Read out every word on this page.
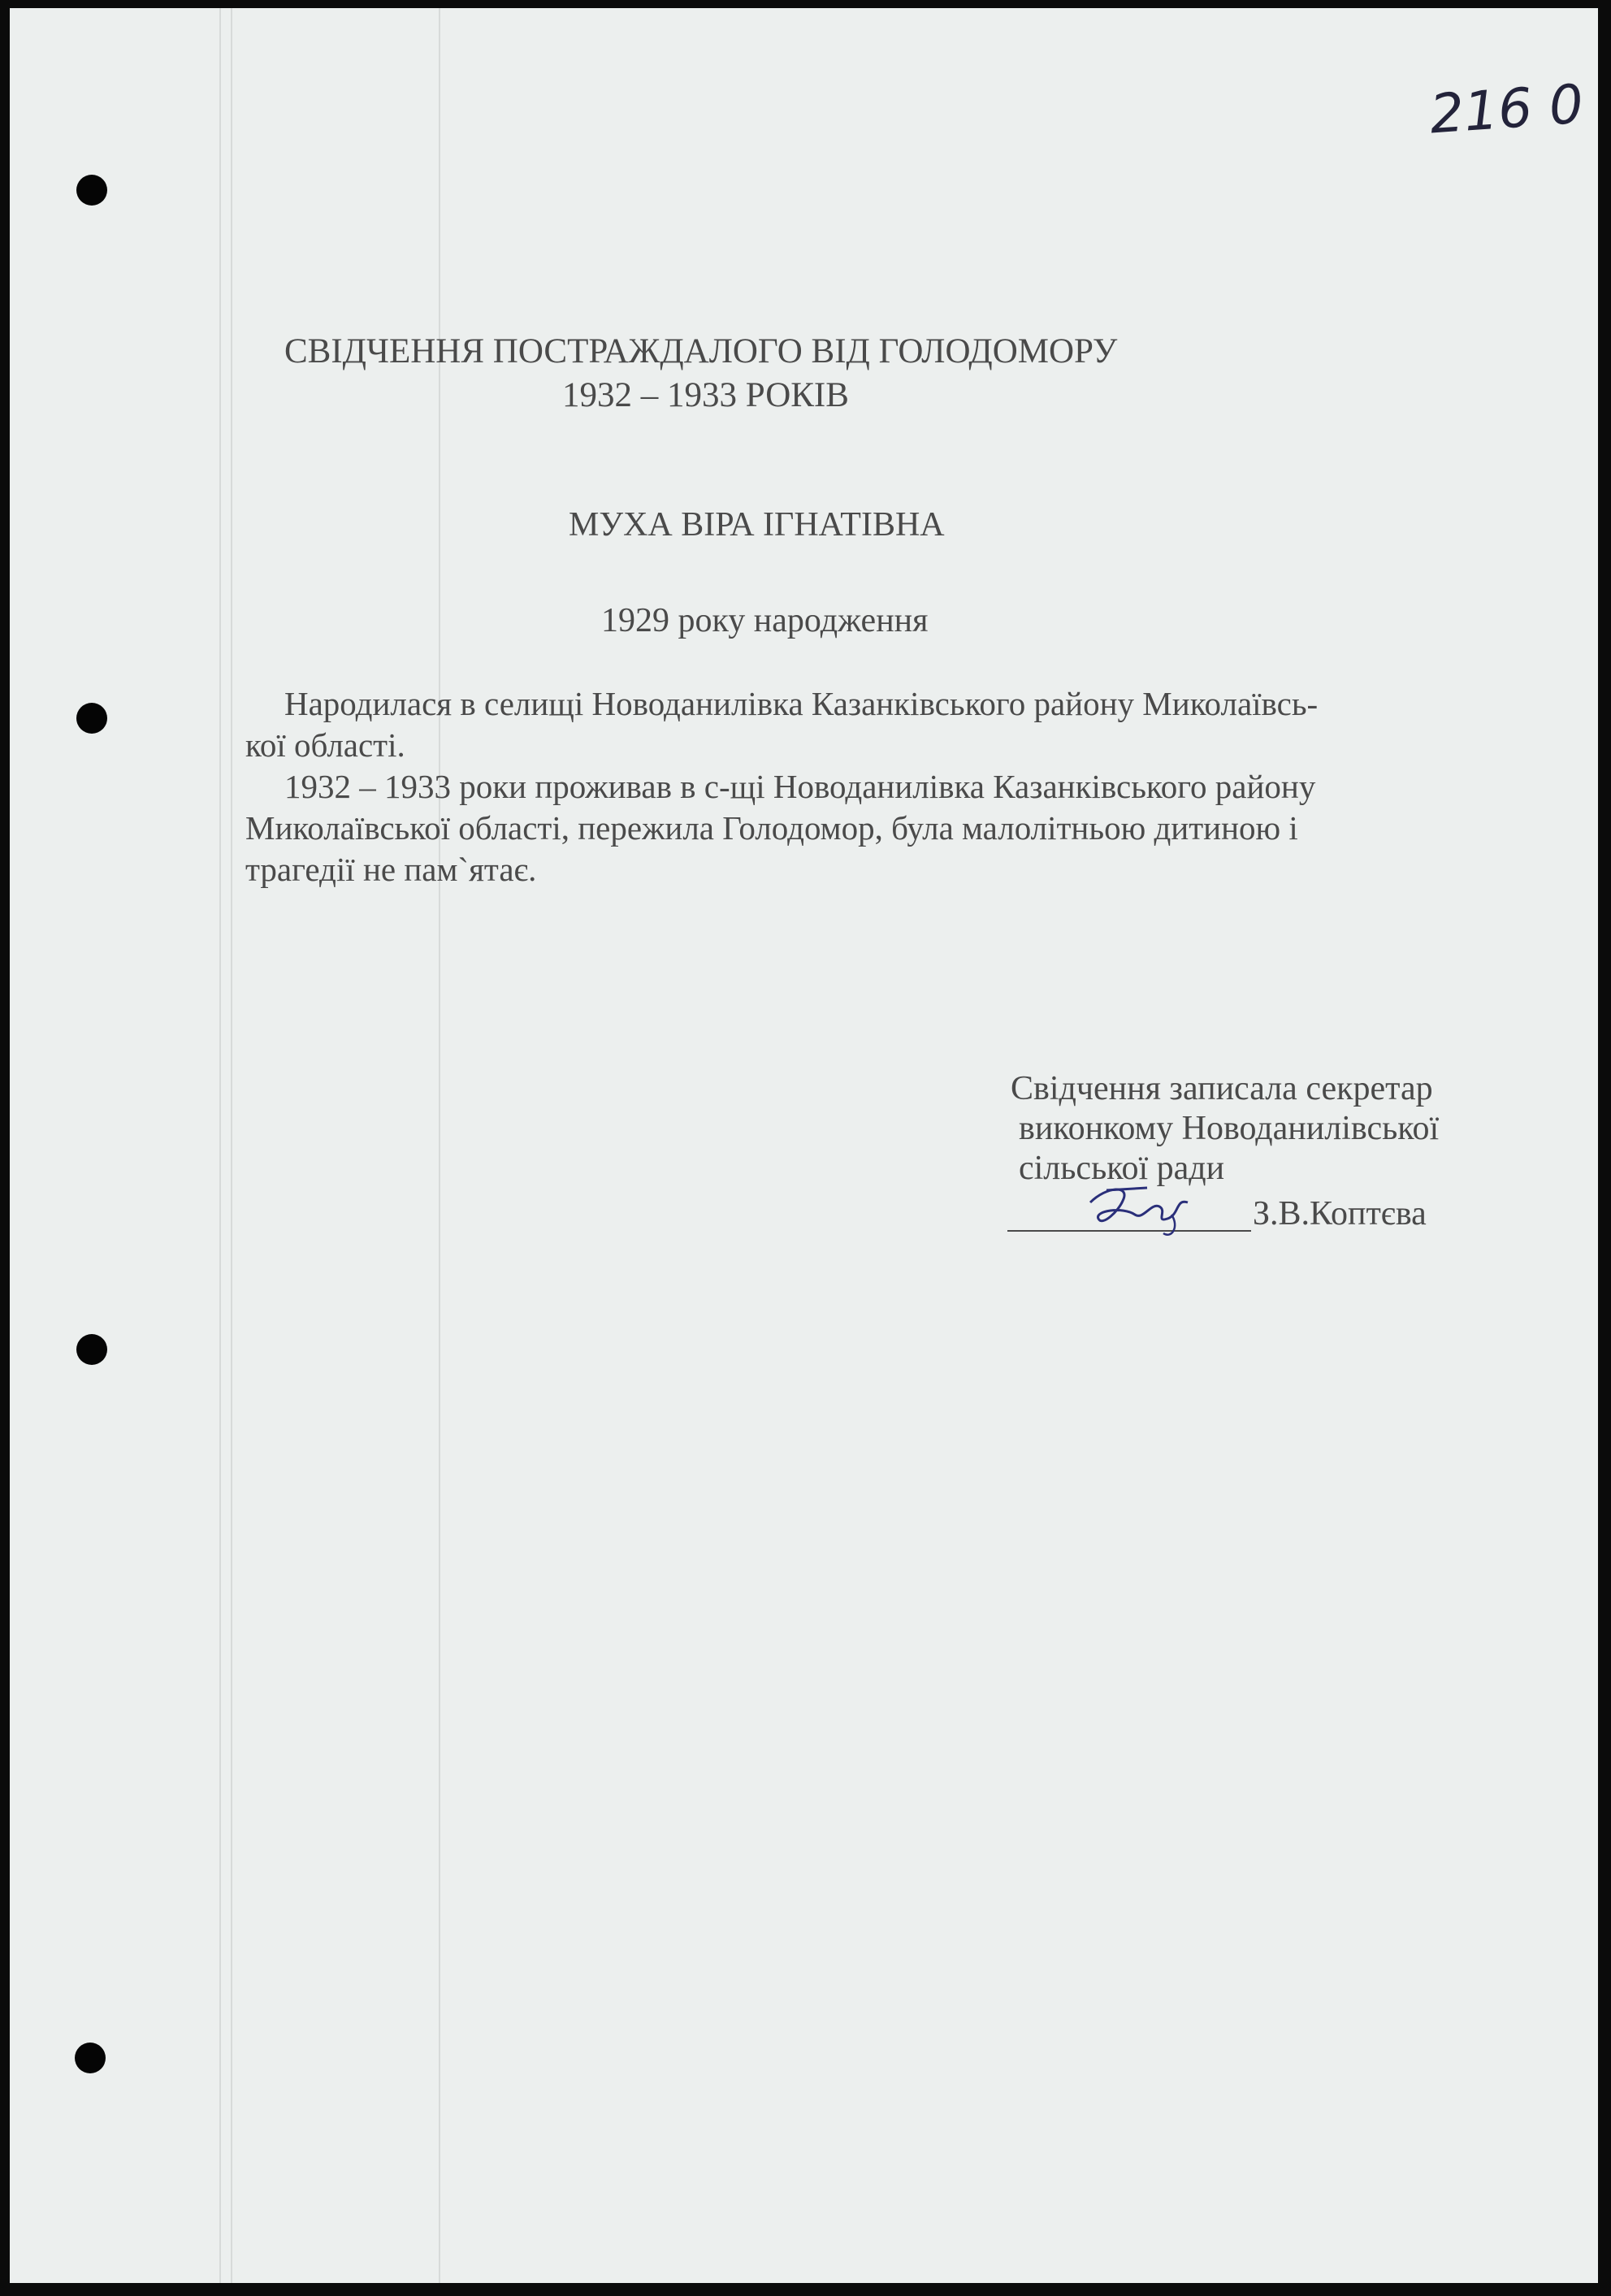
216 0
СВІДЧЕННЯ ПОСТРАЖДАЛОГО ВІД ГОЛОДОМОРУ
1932 – 1933 РОКІВ
МУХА ВІРА ІГНАТІВНА
1929 року народження
Народилася в селищі Новоданилівка Казанківського району Миколаївсь-
кої області.
1932 – 1933 роки проживав в с-щі Новоданилівка Казанківського району
Миколаївської області, пережила Голодомор, була малолітньою дитиною і
трагедії не пам`ятає.
Свідчення записала секретар
виконкому Новоданилівської
сільської ради
З.В.Коптєва
